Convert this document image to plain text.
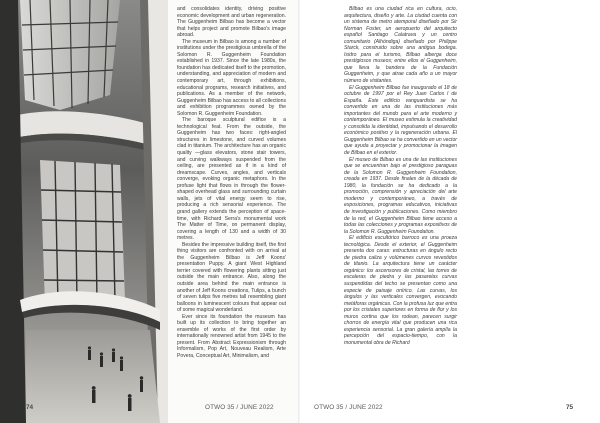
and consolidates identity, driving positive economic development and urban regeneration. The Guggenheim Bilbao has become a vector that helps project and promote Bilbao's image abroad.

The museum in Bilbao is among a number of institutions under the prestigious umbrella of the Solomon R. Guggenheim Foundation established in 1937. Since the late 1980s, the foundation has dedicated itself to the promotion, understanding, and appreciation of modern and contemporary art, through exhibitions, educational programs, research initiatives, and publications. As a member of the network, Guggenheim Bilbao has access to all collections and exhibition programmes owned by the Solomon R. Guggenheim Foundation.

The baroque sculptural edifice is a technological feat. From the outside, the Guggenheim has two faces: right-angled structures in limestone, and curved volumes clad in titanium. The architecture has an organic quality —glass elevators, stone stair towers, and curving walkways suspended from the ceiling, are presented as if in a kind of dreamscape. Curves, angles, and verticals converge, evoking organic metaphors. In the profuse light that flows in through the flower-shaped overhead glass and surrounding curtain walls, jets of vital energy seem to rise, producing a rich sensorial experience. The grand gallery extends the perception of space-time, with Richard Serra's monumental work The Matter of Time, on permanent display, covering a length of 130 and a width of 30 metres.

Besides the impressive building itself, the first thing visitors are confronted with on arrival at the Guggenheim Bilbao is Jeff Koons' presentation Puppy. A giant West Highland terrier covered with flowering plants sitting just outside the main entrance. Also, along the outside area behind the main entrance is another of Jeff Koons creations, Tulips, a bunch of seven tulips five metres tall resembling giant balloons in luminescent colours that appear out of some magical wonderland.

Ever since its foundation the museum has built up its collection to bring together an ensemble of works of the first order by internationally renowned artist from 1945 to the present. From Abstract Expressionism through Informalism, Pop Art, Nouveau Realism, Arte Povera, Conceptual Art, Minimalism, and

74	OTWO 35 / JUNE 2022

Bilbao es una ciudad rica en cultura, ocio, arquitectura, diseño y arte. La ciudad cuenta con un sistema de metro atemporal diseñado por Sir Norman Foster, un aeropuerto del arquitecto español Santiago Calatrava y un centro comunitario (Alhóndiga) diseñado por Philippe Starck, construido sobre una antigua bodega. Isidro para el turismo, Bilbao alberga doce prestigiosos museos; entre ellos el Guggenheim, que lleva la bandera de la Fundación Guggenheim, y que atrae cada año a un mayor número de visitantes.

El Guggenheim Bilbao fue inaugurado el 18 de octubre de 1997 por el Rey Juan Carlos I de España. Este edificio vanguardista se ha convertido en una de las instituciones más importantes del mundo para el arte moderno y contemporáneo. El museo estimula la creatividad y consolida la identidad, impulsando el desarrollo económico positivo y la regeneración urbana. El Guggenheim Bilbao se ha convertido en un vector que ayuda a proyectar y promocionar la imagen de Bilbao en el exterior.

El museo de Bilbao es una de las instituciones que se encuentran bajo el prestigioso paraguas de la Solomon R. Guggenheim Foundation, creada en 1937. Desde finales de la década de 1980, la fundación se ha dedicado a la promoción, comprensión y apreciación del arte moderno y contemporáneo, a través de exposiciones, programas educativos, iniciativas de investigación y publicaciones. Como miembro de la red, el Guggenheim Bilbao tiene acceso a todas las colecciones y programas expositivos de la Solomon R. Guggenheim Foundation.

El edificio escultórico barroco es una proeza tecnológica. Desde el exterior, el Guggenheim presenta dos caras: estructuras en ángulo recto de piedra caliza y volúmenes curvos revestidos de titanio. La arquitectura tiene un carácter orgánico: los ascensores de cristal, las torres de escaleras de piedra y las pasarelas curvas suspendidas del techo se presentan como una especie de paisaje onírico. Las curvas, los ángulos y las verticales convergen, evocando metáforas orgánicas. Con la profusa luz que entra por los cristales superiores en forma de flor y los muros cortina que los rodean, parecen surgir chorros de energía vital que producen una rica experiencia sensorial. La gran galería amplía la percepción del espacio-tiempo, con la monumental obra de Richard

OTWO 35 / JUNE 2022	75
